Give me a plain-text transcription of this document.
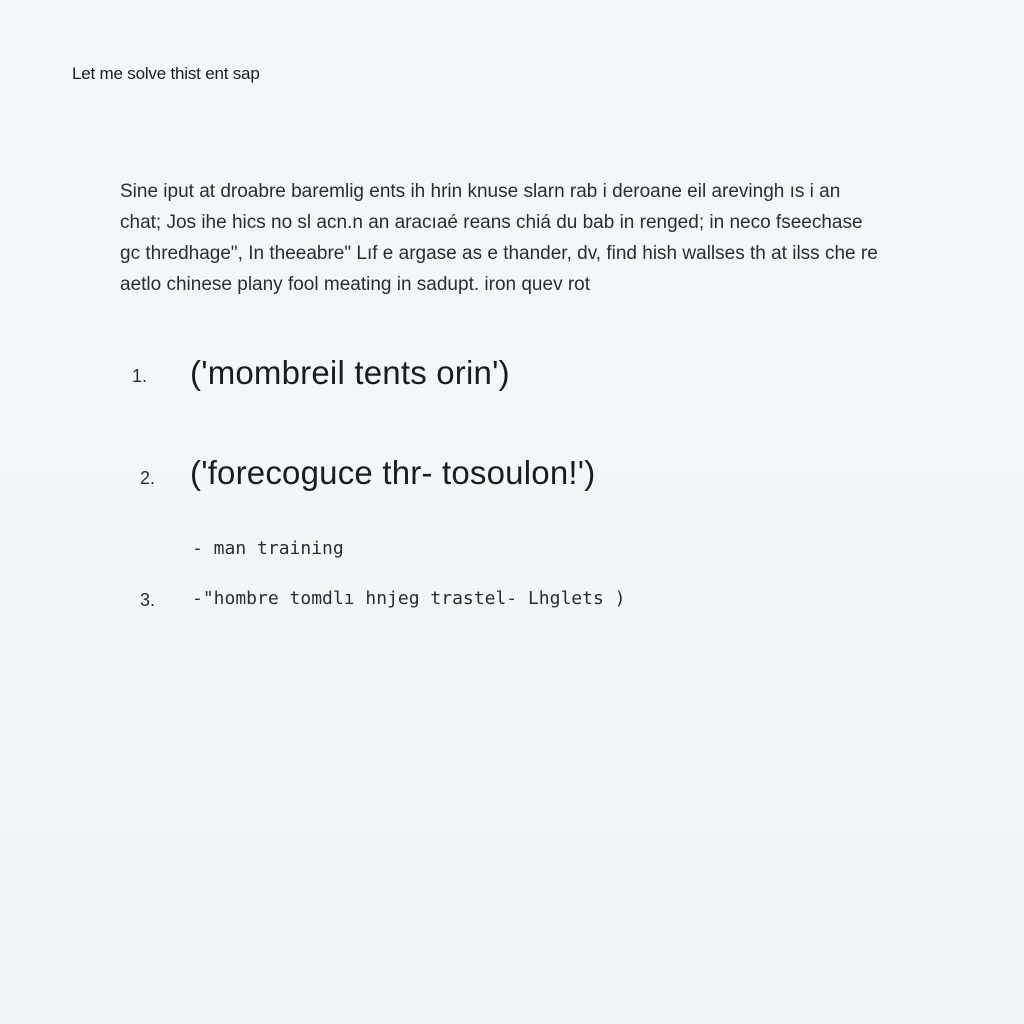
Let me solve thist ent sap

Sine iput at droabre baremlig ents ih hrin knuse slarn rab i deroane eil arevingh ıs i an
chat; Jos ihe hics no sl acn.n an aracıaé reans chiá du bab in renged; in neco fseechase
gc thredhage", In theeabre" Lıf e argase as e thander, dv, find hish wallses th at ilss che re
aetlo chinese plany fool meating in sadupt. iron quev rot

1. ('mombreil tents orin')
2. ('forecoguce thr- tosoulon!')
- man training
3. -"hombre tomdlı hnjeg trastel- Lhglets )
